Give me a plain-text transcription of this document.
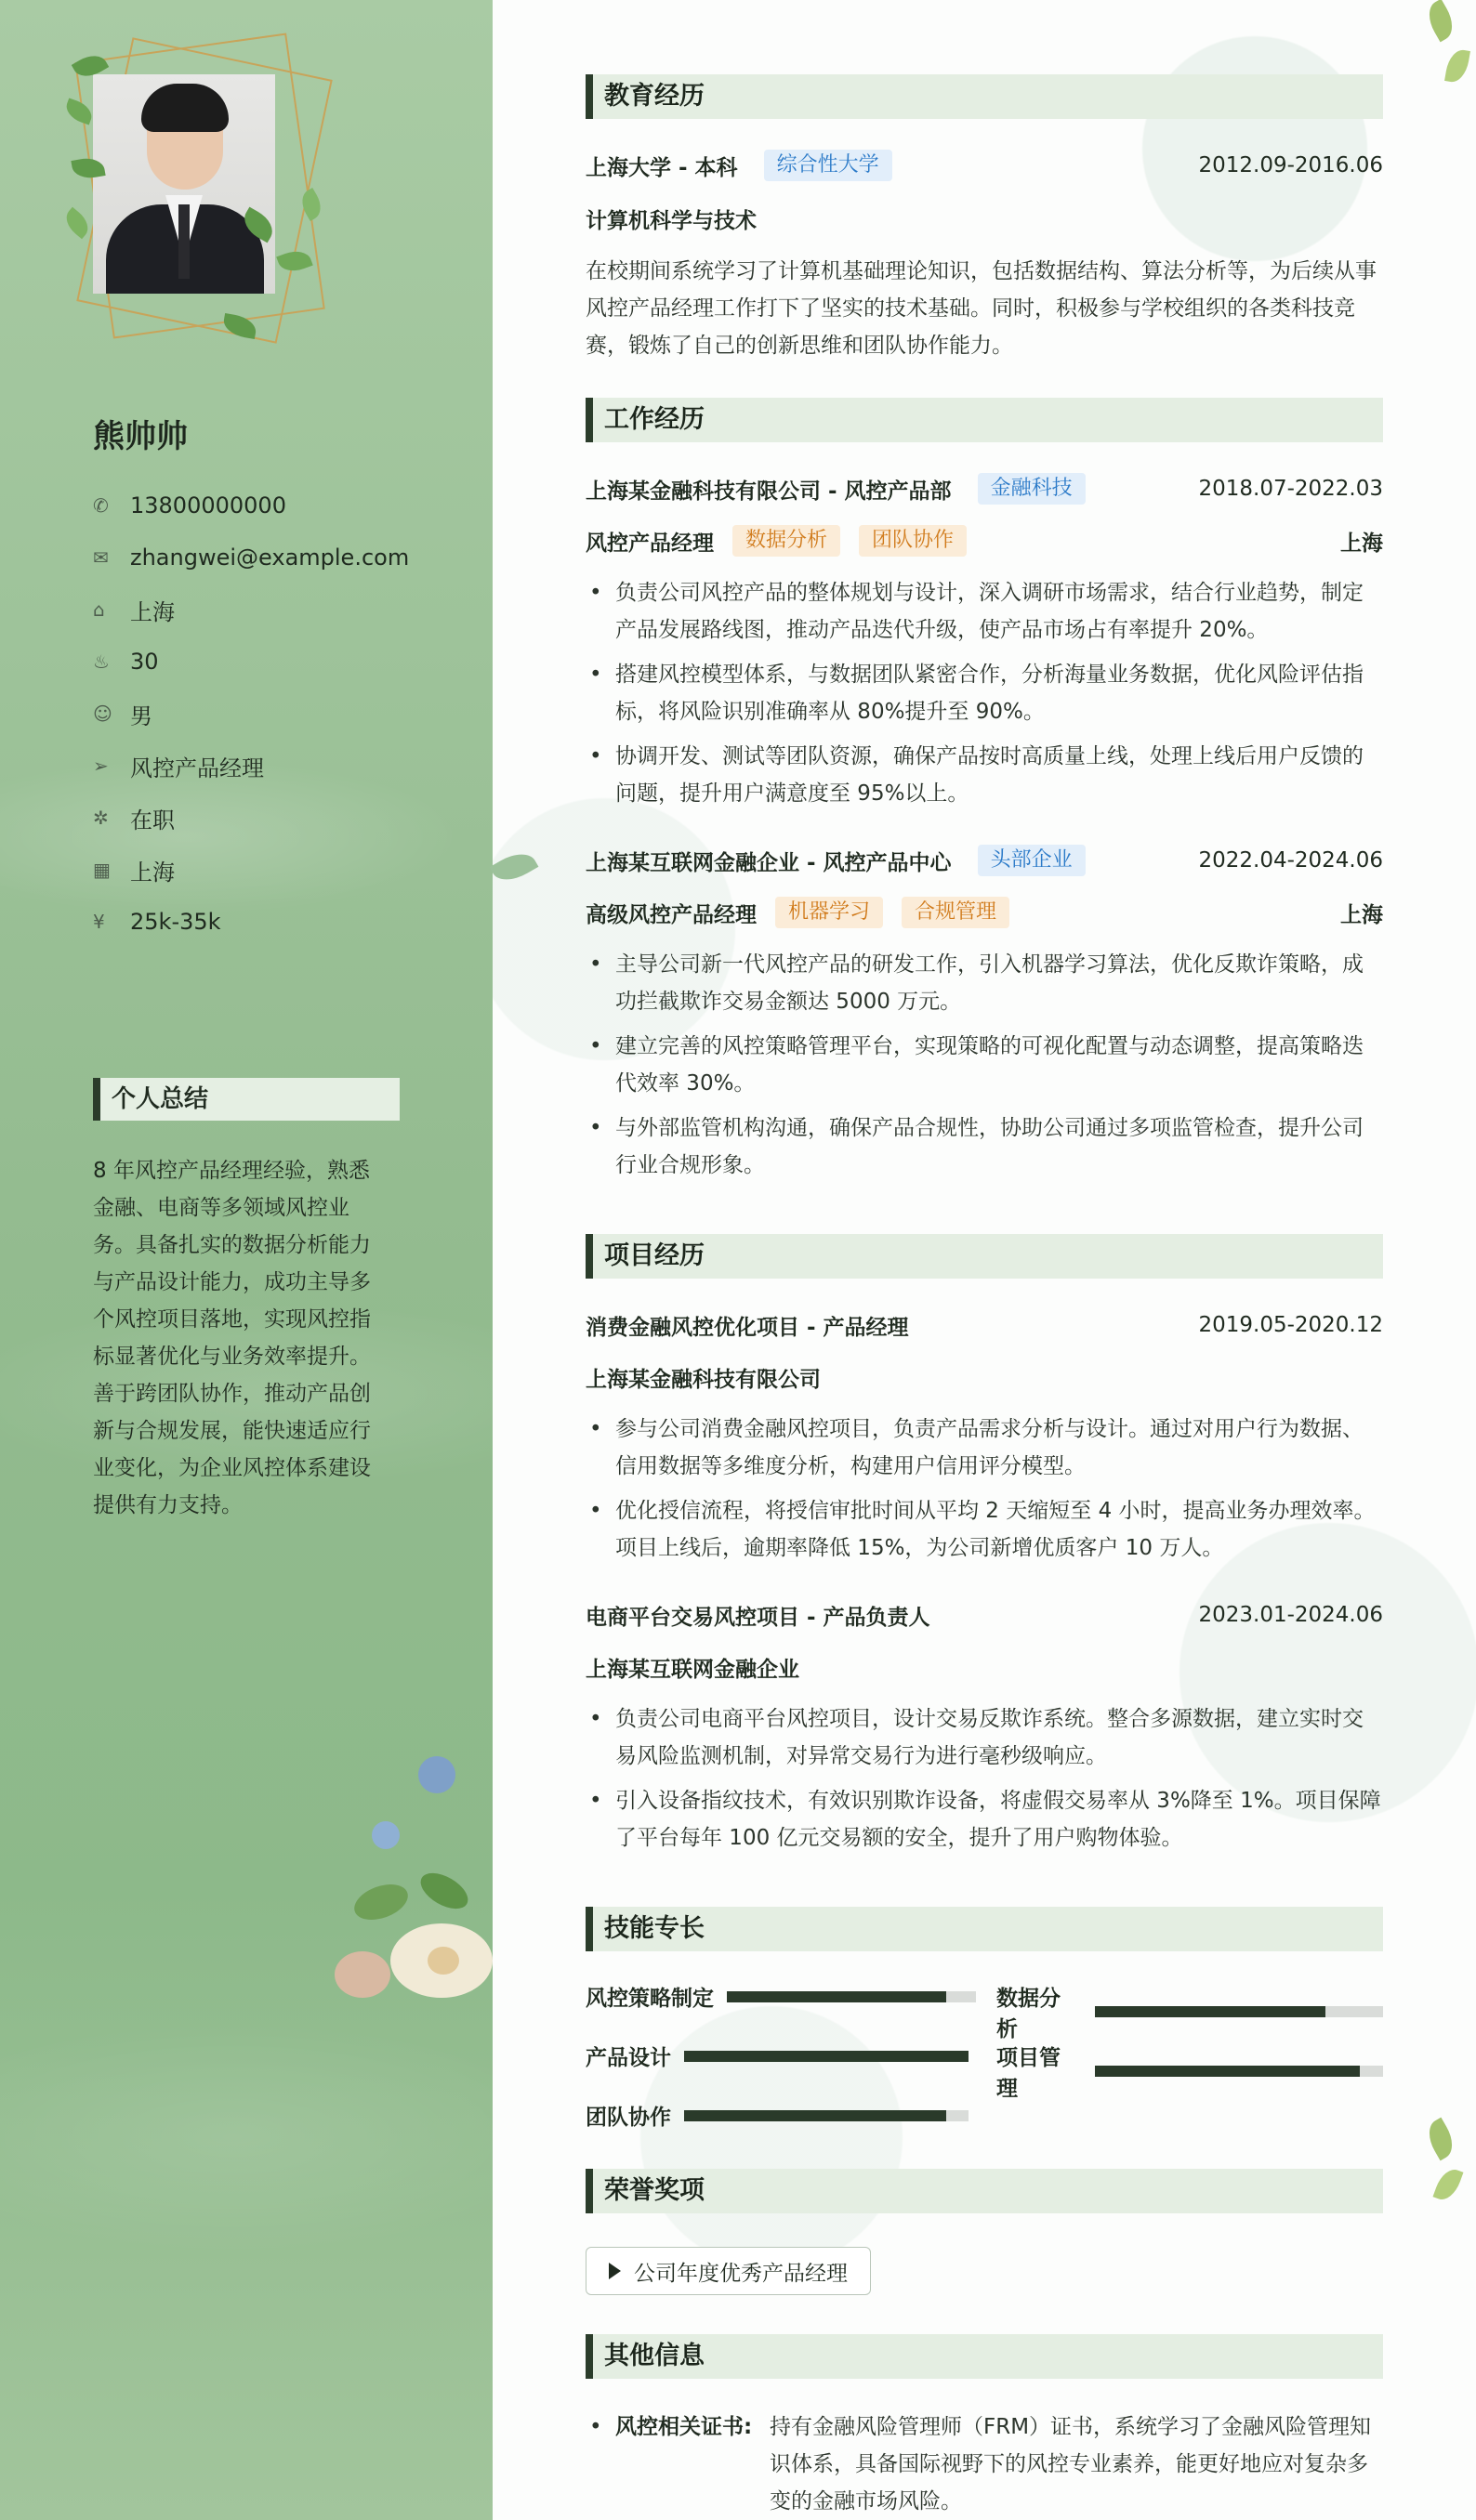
熊帅帅
✆ 13800000000
✉ zhangwei@example.com
⌂	上海
♨ 30
☺ 男
➢ 风控产品经理
✲ 在职
▦ 上海
¥	25k-35k
个人总结
8 年风控产品经理经验，熟悉金融、电商等多领域风控业务。具备扎实的数据分析能力与产品设计能力，成功主导多个风控项目落地，实现风控指标显著优化与业务效率提升。善于跨团队协作，推动产品创新与合规发展，能快速适应行业变化，为企业风控体系建设提供有力支持。
教育经历
上海大学 - 本科	综合性大学	2012.09-2016.06
计算机科学与技术
在校期间系统学习了计算机基础理论知识，包括数据结构、算法分析等，为后续从事风控产品经理工作打下了坚实的技术基础。同时，积极参与学校组织的各类科技竞赛，锻炼了自己的创新思维和团队协作能力。
工作经历
上海某金融科技有限公司 - 风控产品部	金融科技	2018.07-2022.03
风控产品经理	数据分析	团队协作	上海
• 负责公司风控产品的整体规划与设计，深入调研市场需求，结合行业趋势，制定产品发展路线图，推动产品迭代升级，使产品市场占有率提升 20%。
• 搭建风控模型体系，与数据团队紧密合作，分析海量业务数据，优化风险评估指标，将风险识别准确率从 80%提升至 90%。
• 协调开发、测试等团队资源，确保产品按时高质量上线，处理上线后用户反馈的问题，提升用户满意度至 95%以上。
上海某互联网金融企业 - 风控产品中心	头部企业	2022.04-2024.06
高级风控产品经理	机器学习	合规管理	上海
• 主导公司新一代风控产品的研发工作，引入机器学习算法，优化反欺诈策略，成功拦截欺诈交易金额达 5000 万元。
• 建立完善的风控策略管理平台，实现策略的可视化配置与动态调整，提高策略迭代效率 30%。
• 与外部监管机构沟通，确保产品合规性，协助公司通过多项监管检查，提升公司行业合规形象。
项目经历
消费金融风控优化项目 - 产品经理	2019.05-2020.12
上海某金融科技有限公司
• 参与公司消费金融风控项目，负责产品需求分析与设计。通过对用户行为数据、信用数据等多维度分析，构建用户信用评分模型。
• 优化授信流程，将授信审批时间从平均 2 天缩短至 4 小时，提高业务办理效率。项目上线后，逾期率降低 15%，为公司新增优质客户 10 万人。
电商平台交易风控项目 - 产品负责人	2023.01-2024.06
上海某互联网金融企业
• 负责公司电商平台风控项目，设计交易反欺诈系统。整合多源数据，建立实时交易风险监测机制，对异常交易行为进行毫秒级响应。
• 引入设备指纹技术，有效识别欺诈设备，将虚假交易率从 3%降至 1%。项目保障了平台每年 100 亿元交易额的安全，提升了用户购物体验。
技能专长
风控策略制定	数据分析
产品设计	项目管理
团队协作
荣誉奖项
公司年度优秀产品经理
其他信息
• 风控相关证书: 持有金融风险管理师（FRM）证书，系统学习了金融风险管理知识体系，具备国际视野下的风控专业素养，能更好地应对复杂多变的金融市场风险。
